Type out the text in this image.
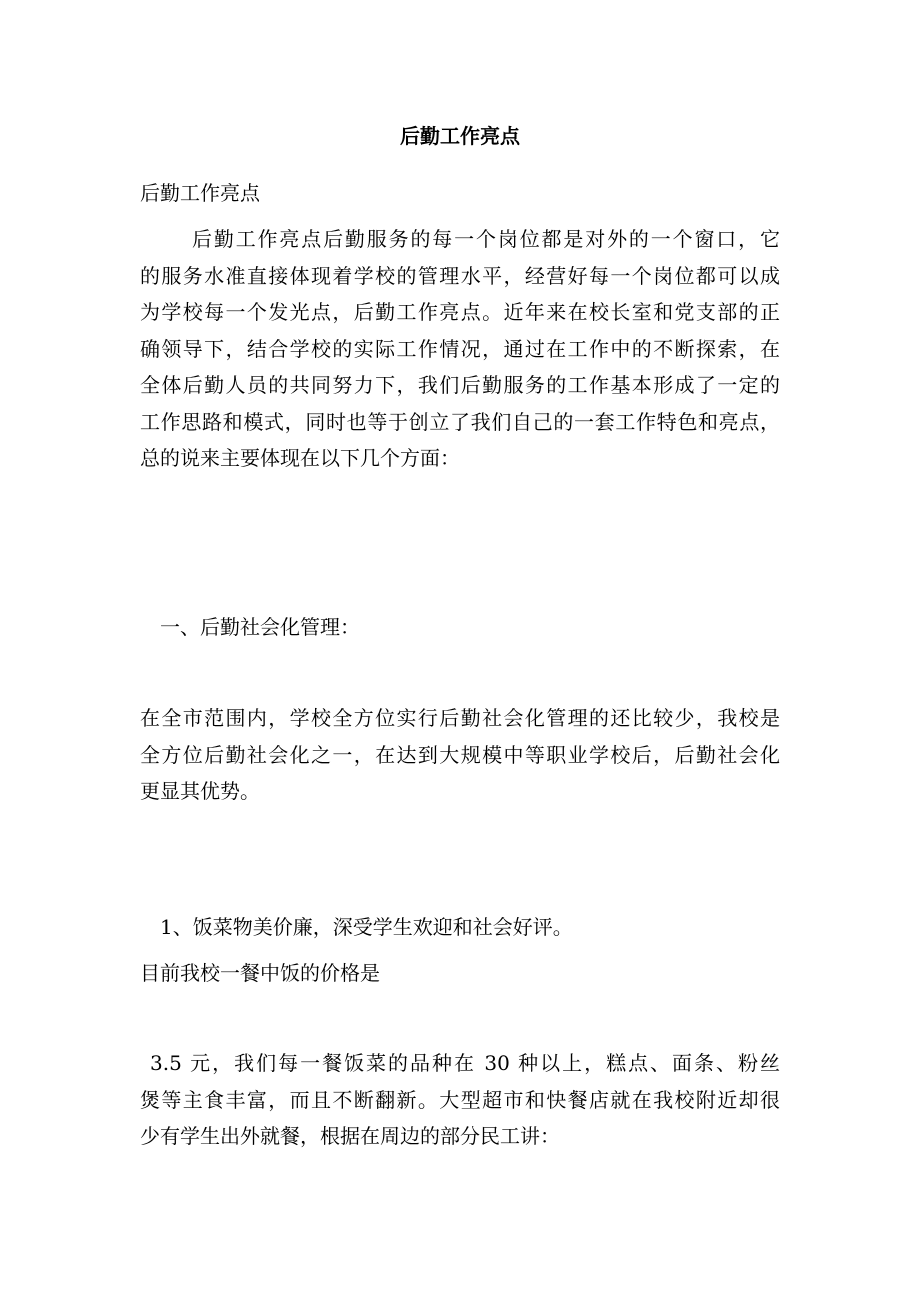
后勤工作亮点

后勤工作亮点

后勤工作亮点后勤服务的每一个岗位都是对外的一个窗口，它
的服务水准直接体现着学校的管理水平，经营好每一个岗位都可以成
为学校每一个发光点，后勤工作亮点。近年来在校长室和党支部的正
确领导下，结合学校的实际工作情况，通过在工作中的不断探索，在
全体后勤人员的共同努力下，我们后勤服务的工作基本形成了一定的
工作思路和模式，同时也等于创立了我们自己的一套工作特色和亮点，
总的说来主要体现在以下几个方面：

一、后勤社会化管理：

在全市范围内，学校全方位实行后勤社会化管理的还比较少，我校是
全方位后勤社会化之一，在达到大规模中等职业学校后，后勤社会化
更显其优势。

1、饭菜物美价廉，深受学生欢迎和社会好评。

目前我校一餐中饭的价格是

3.5 元，我们每一餐饭菜的品种在 30 种以上，糕点、面条、粉丝
煲等主食丰富，而且不断翻新。大型超市和快餐店就在我校附近却很
少有学生出外就餐，根据在周边的部分民工讲：
